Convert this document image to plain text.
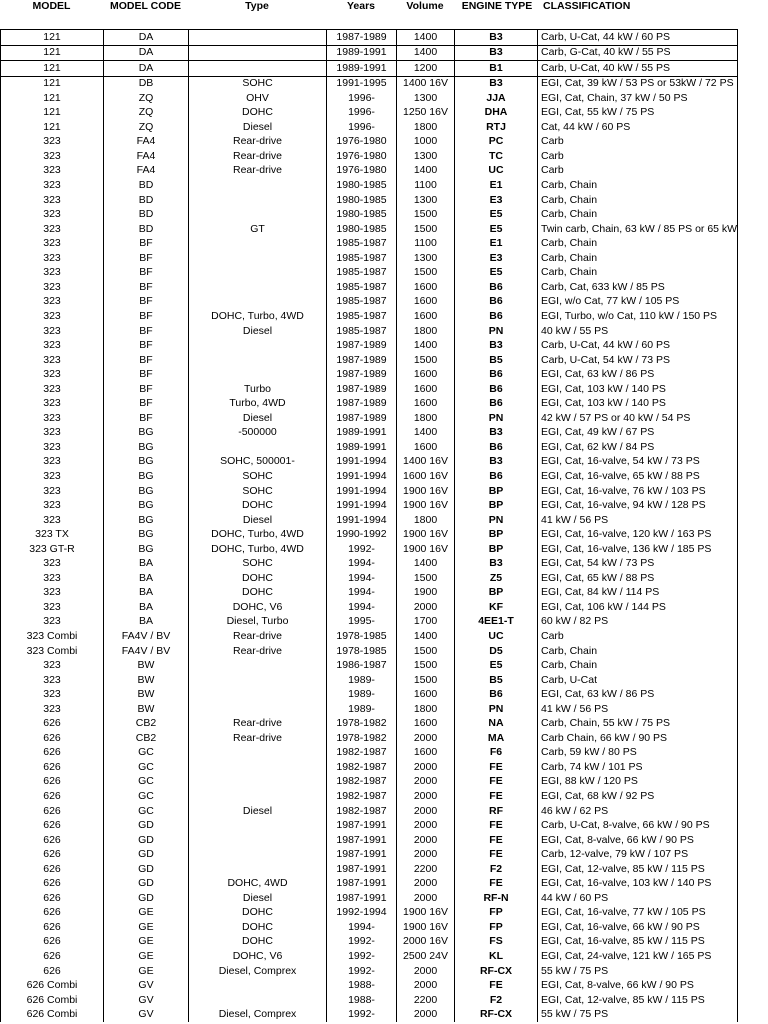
MODEL	MODEL CODE	Type	Years	Volume	ENGINE TYPE	CLASSIFICATION
121	DA		1987-1989	1400	B3	Carb, U-Cat, 44 kW / 60 PS
121	DA		1989-1991	1400	B3	Carb, G-Cat, 40 kW / 55 PS
121	DA		1989-1991	1200	B1	Carb, U-Cat, 40 kW / 55 PS
121	DB	SOHC	1991-1995	1400 16V	B3	EGI, Cat, 39 kW / 53 PS or 53kW / 72 PS
121	ZQ	OHV	1996-	1300	JJA	EGI, Cat, Chain, 37 kW / 50 PS
121	ZQ	DOHC	1996-	1250 16V	DHA	EGI, Cat, 55 kW / 75 PS
121	ZQ	Diesel	1996-	1800	RTJ	Cat, 44 kW / 60 PS
323	FA4	Rear-drive	1976-1980	1000	PC	Carb
323	FA4	Rear-drive	1976-1980	1300	TC	Carb
323	FA4	Rear-drive	1976-1980	1400	UC	Carb
323	BD		1980-1985	1100	E1	Carb, Chain
323	BD		1980-1985	1300	E3	Carb, Chain
323	BD		1980-1985	1500	E5	Carb, Chain
323	BD	GT	1980-1985	1500	E5	Twin carb, Chain, 63 kW / 85 PS or 65 kW
323	BF		1985-1987	1100	E1	Carb, Chain
323	BF		1985-1987	1300	E3	Carb, Chain
323	BF		1985-1987	1500	E5	Carb, Chain
323	BF		1985-1987	1600	B6	Carb, Cat, 633 kW / 85 PS
323	BF		1985-1987	1600	B6	EGI, w/o Cat, 77 kW / 105 PS
323	BF	DOHC, Turbo, 4WD	1985-1987	1600	B6	EGI, Turbo, w/o Cat, 110 kW / 150 PS
323	BF	Diesel	1985-1987	1800	PN	40 kW / 55 PS
323	BF		1987-1989	1400	B3	Carb, U-Cat, 44 kW / 60 PS
323	BF		1987-1989	1500	B5	Carb, U-Cat, 54 kW / 73 PS
323	BF		1987-1989	1600	B6	EGI, Cat, 63 kW / 86 PS
323	BF	Turbo	1987-1989	1600	B6	EGI, Cat, 103 kW / 140 PS
323	BF	Turbo, 4WD	1987-1989	1600	B6	EGI, Cat, 103 kW / 140 PS
323	BF	Diesel	1987-1989	1800	PN	42 kW / 57 PS or 40 kW / 54 PS
323	BG	-500000	1989-1991	1400	B3	EGI, Cat, 49 kW / 67 PS
323	BG		1989-1991	1600	B6	EGI, Cat, 62 kW / 84 PS
323	BG	SOHC, 500001-	1991-1994	1400 16V	B3	EGI, Cat, 16-valve, 54 kW / 73 PS
323	BG	SOHC	1991-1994	1600 16V	B6	EGI, Cat, 16-valve, 65 kW / 88 PS
323	BG	SOHC	1991-1994	1900 16V	BP	EGI, Cat, 16-valve, 76 kW / 103 PS
323	BG	DOHC	1991-1994	1900 16V	BP	EGI, Cat, 16-valve, 94 kW / 128 PS
323	BG	Diesel	1991-1994	1800	PN	41 kW / 56 PS
323 TX	BG	DOHC, Turbo, 4WD	1990-1992	1900 16V	BP	EGI, Cat, 16-valve, 120 kW / 163 PS
323 GT-R	BG	DOHC, Turbo, 4WD	1992-	1900 16V	BP	EGI, Cat, 16-valve, 136 kW / 185 PS
323	BA	SOHC	1994-	1400	B3	EGI, Cat, 54 kW / 73 PS
323	BA	DOHC	1994-	1500	Z5	EGI, Cat, 65 kW / 88 PS
323	BA	DOHC	1994-	1900	BP	EGI, Cat, 84 kW / 114 PS
323	BA	DOHC, V6	1994-	2000	KF	EGI, Cat, 106 kW / 144 PS
323	BA	Diesel, Turbo	1995-	1700	4EE1-T	60 kW / 82 PS
323 Combi	FA4V / BV	Rear-drive	1978-1985	1400	UC	Carb
323 Combi	FA4V / BV	Rear-drive	1978-1985	1500	D5	Carb, Chain
323	BW		1986-1987	1500	E5	Carb, Chain
323	BW		1989-	1500	B5	Carb, U-Cat
323	BW		1989-	1600	B6	EGI, Cat, 63 kW / 86 PS
323	BW		1989-	1800	PN	41 kW / 56 PS
626	CB2	Rear-drive	1978-1982	1600	NA	Carb, Chain, 55 kW / 75 PS
626	CB2	Rear-drive	1978-1982	2000	MA	Carb Chain, 66 kW / 90 PS
626	GC		1982-1987	1600	F6	Carb, 59 kW / 80 PS
626	GC		1982-1987	2000	FE	Carb, 74 kW / 101 PS
626	GC		1982-1987	2000	FE	EGI, 88 kW / 120 PS
626	GC		1982-1987	2000	FE	EGI, Cat, 68 kW / 92 PS
626	GC	Diesel	1982-1987	2000	RF	46 kW / 62 PS
626	GD		1987-1991	2000	FE	Carb, U-Cat, 8-valve, 66 kW / 90 PS
626	GD		1987-1991	2000	FE	EGI, Cat, 8-valve, 66 kW / 90 PS
626	GD		1987-1991	2000	FE	Carb, 12-valve, 79 kW / 107 PS
626	GD		1987-1991	2200	F2	EGI, Cat, 12-valve, 85 kW / 115 PS
626	GD	DOHC, 4WD	1987-1991	2000	FE	EGI, Cat, 16-valve, 103 kW / 140 PS
626	GD	Diesel	1987-1991	2000	RF-N	44 kW / 60 PS
626	GE	DOHC	1992-1994	1900 16V	FP	EGI, Cat, 16-valve, 77 kW / 105 PS
626	GE	DOHC	1994-	1900 16V	FP	EGI, Cat, 16-valve, 66 kW / 90 PS
626	GE	DOHC	1992-	2000 16V	FS	EGI, Cat, 16-valve, 85 kW / 115 PS
626	GE	DOHC, V6	1992-	2500 24V	KL	EGI, Cat, 24-valve, 121 kW / 165 PS
626	GE	Diesel, Comprex	1992-	2000	RF-CX	55 kW / 75 PS
626 Combi	GV		1988-	2000	FE	EGI, Cat, 8-valve, 66 kW / 90 PS
626 Combi	GV		1988-	2200	F2	EGI, Cat, 12-valve, 85 kW / 115 PS
626 Combi	GV	Diesel, Comprex	1992-	2000	RF-CX	55 kW / 75 PS
